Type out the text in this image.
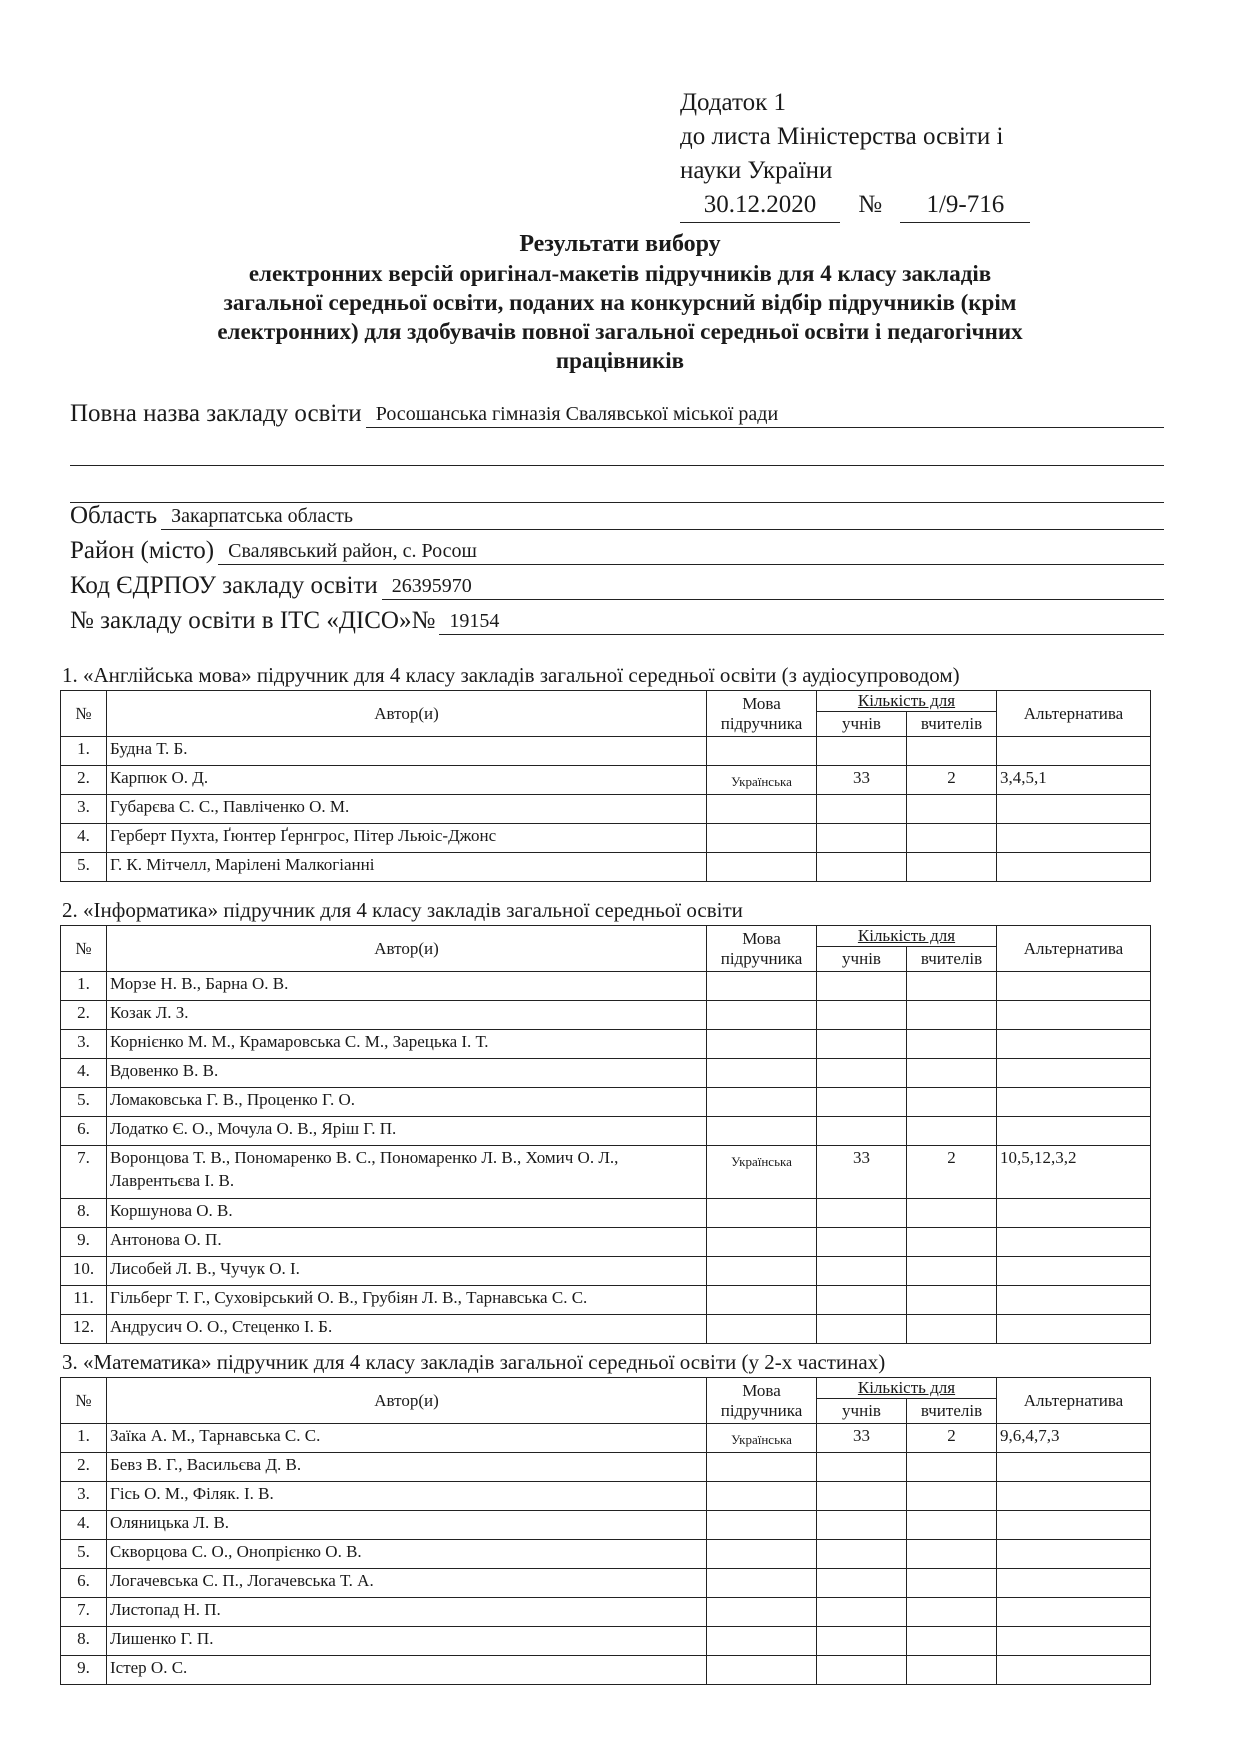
Додаток 1
до листа Міністерства освіти і
науки України
30.12.2020 № 1/9-716
Результати вибору
електронних версій оригінал-макетів підручників для 4 класу закладів
загальної середньої освіти, поданих на конкурсний відбір підручників (крім
електронних) для здобувачів повної загальної середньої освіти і педагогічних
працівників
Повна назва закладу освіти Росошанська гімназія Свалявської міської ради
Область Закарпатська область
Район (місто) Свалявський район, с. Росош
Код ЄДРПОУ закладу освіти 26395970
№ закладу освіти в ІТС «ДІСО»№ 19154
1. «Англійська мова» підручник для 4 класу закладів загальної середньої освіти (з аудіосупроводом)
2. «Інформатика» підручник для 4 класу закладів загальної середньої освіти
3. «Математика» підручник для 4 класу закладів загальної середньої освіти (у 2-х частинах)
№	Автор(и)	Мова підручника	Кількість для		Альтернатива
			учнів	вчителів	
1.	Будна Т. Б.				
2.	Карпюк О. Д.	Українська	33	2	3,4,5,1
3.	Губарєва С. С., Павліченко О. М.				
4.	Герберт Пухта, Ґюнтер Ґернгрос, Пітер Льюіс-Джонс				
5.	Г. К. Мітчелл, Марілені Малкогіанні				
№	Автор(и)	Мова підручника	Кількість для		Альтернатива
			учнів	вчителів	
1.	Морзе Н. В., Барна О. В.				
2.	Козак Л. З.				
3.	Корнієнко М. М., Крамаровська С. М., Зарецька І. Т.				
4.	Вдовенко В. В.				
5.	Ломаковська Г. В., Проценко Г. О.				
6.	Лодатко Є. О., Мочула О. В., Яріш Г. П.				
7.	Воронцова Т. В., Пономаренко В. С., Пономаренко Л. В., Хомич О. Л., Лаврентьєва І. В.	Українська	33	2	10,5,12,3,2
8.	Коршунова О. В.				
9.	Антонова О. П.				
10.	Лисобей Л. В., Чучук О. І.				
11.	Гільберг Т. Г., Суховірський О. В., Грубіян Л. В., Тарнавська С. С.				
12.	Андрусич О. О., Стеценко І. Б.				
№	Автор(и)	Мова підручника	Кількість для		Альтернатива
			учнів	вчителів	
1.	Заїка А. М., Тарнавська С. С.	Українська	33	2	9,6,4,7,3
2.	Бевз В. Г., Васильєва Д. В.				
3.	Гісь О. М., Філяк. І. В.				
4.	Оляницька Л. В.				
5.	Скворцова С. О., Онопрієнко О. В.				
6.	Логачевська С. П., Логачевська Т. А.				
7.	Листопад Н. П.				
8.	Лишенко Г. П.				
9.	Істер О. С.				
